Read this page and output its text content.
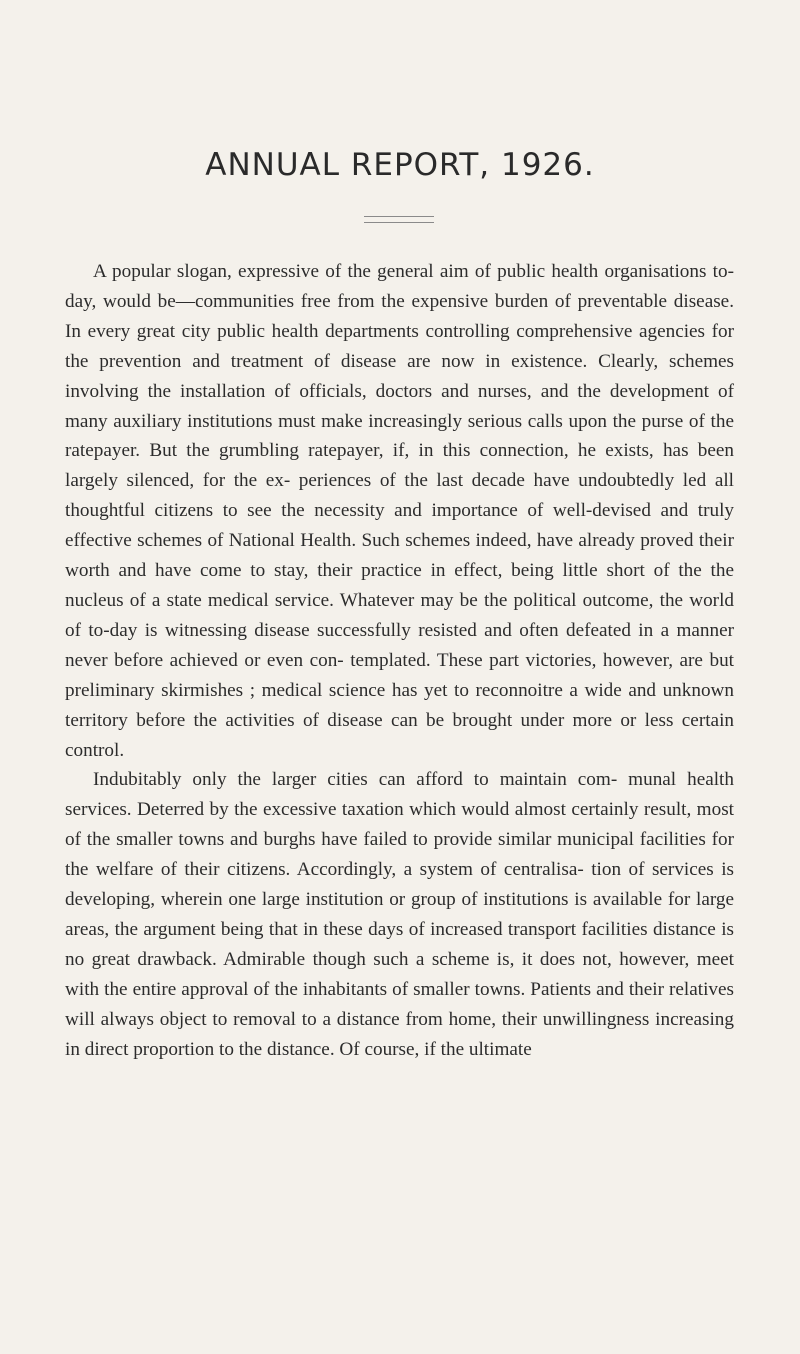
ANNUAL REPORT, 1926.

A popular slogan, expressive of the general aim of public health organisations to-day, would be—communities free from the expensive burden of preventable disease. In every great city public health departments controlling comprehensive agencies for the prevention and treatment of disease are now in existence. Clearly, schemes involving the installation of officials, doctors and nurses, and the development of many auxiliary institutions must make increasingly serious calls upon the purse of the ratepayer. But the grumbling ratepayer, if, in this connection, he exists, has been largely silenced, for the ex- periences of the last decade have undoubtedly led all thoughtful citizens to see the necessity and importance of well-devised and truly effective schemes of National Health. Such schemes indeed, have already proved their worth and have come to stay, their practice in effect, being little short of the the nucleus of a state medical service. Whatever may be the political outcome, the world of to-day is witnessing disease successfully resisted and often defeated in a manner never before achieved or even con- templated. These part victories, however, are but preliminary skirmishes ; medical science has yet to reconnoitre a wide and unknown territory before the activities of disease can be brought under more or less certain control.

Indubitably only the larger cities can afford to maintain com- munal health services. Deterred by the excessive taxation which would almost certainly result, most of the smaller towns and burghs have failed to provide similar municipal facilities for the welfare of their citizens. Accordingly, a system of centralisa- tion of services is developing, wherein one large institution or group of institutions is available for large areas, the argument being that in these days of increased transport facilities distance is no great drawback. Admirable though such a scheme is, it does not, however, meet with the entire approval of the inhabitants of smaller towns. Patients and their relatives will always object to removal to a distance from home, their unwillingness increasing in direct proportion to the distance. Of course, if the ultimate
